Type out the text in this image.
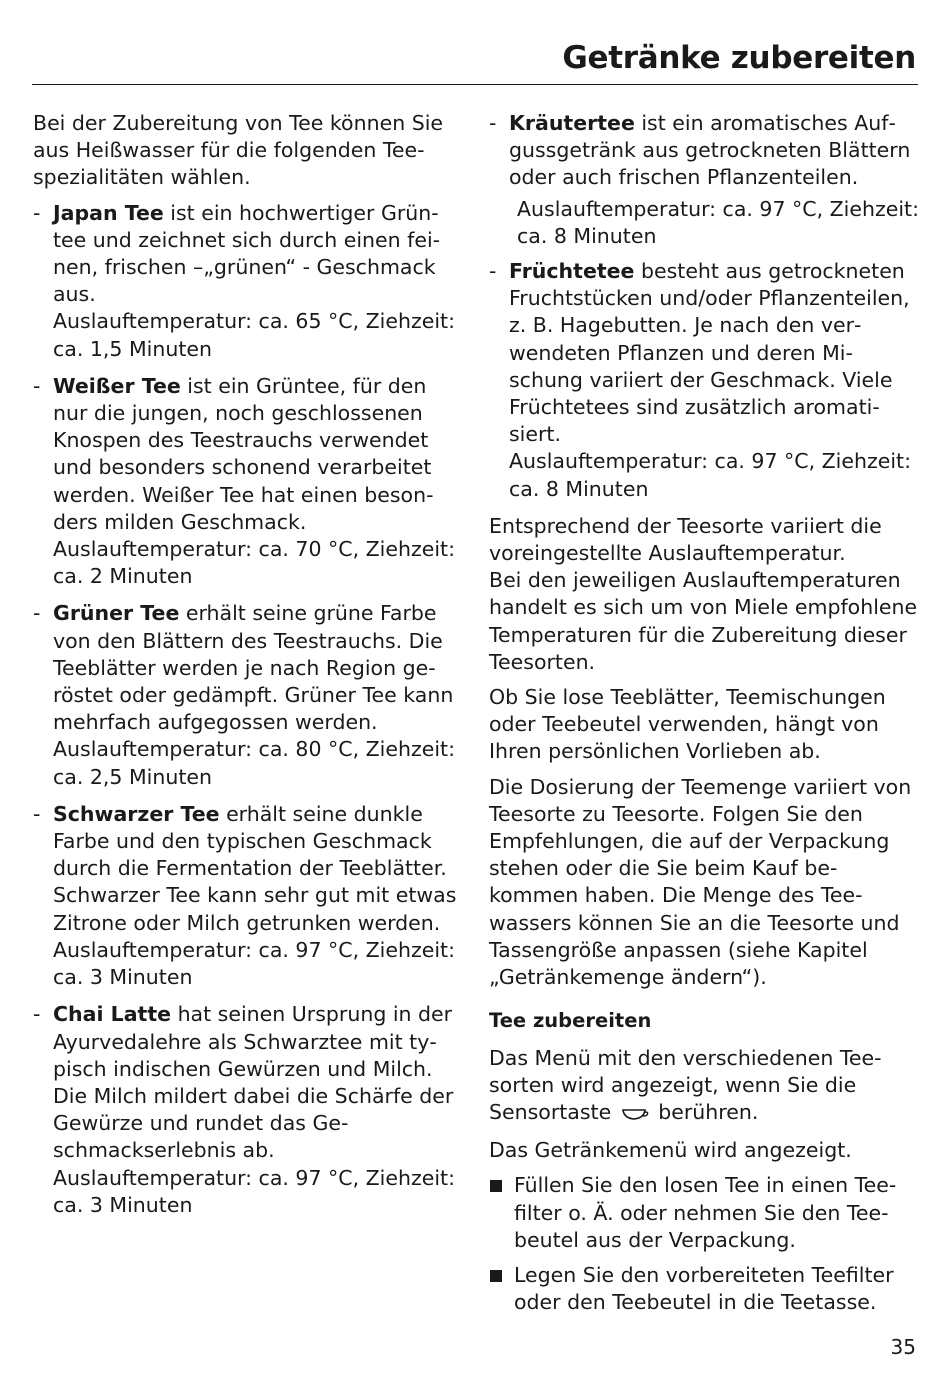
Getränke zubereiten

Bei der Zubereitung von Tee können Sie aus Heißwasser für die folgenden Teespezialitäten wählen.

- Japan Tee ist ein hochwertiger Grüntee und zeichnet sich durch einen feinen, frischen –„grünen“ - Geschmack aus.
Auslauftemperatur: ca. 65 °C, Ziehzeit: ca. 1,5 Minuten
- Weißer Tee ist ein Grüntee, für den nur die jungen, noch geschlossenen Knospen des Teestrauchs verwendet und besonders schonend verarbeitet werden. Weißer Tee hat einen besonders milden Geschmack.
Auslauftemperatur: ca. 70 °C, Ziehzeit: ca. 2 Minuten
- Grüner Tee erhält seine grüne Farbe von den Blättern des Teestrauchs. Die Teeblätter werden je nach Region geröstet oder gedämpft. Grüner Tee kann mehrfach aufgegossen werden.
Auslauftemperatur: ca. 80 °C, Ziehzeit: ca. 2,5 Minuten
- Schwarzer Tee erhält seine dunkle Farbe und den typischen Geschmack durch die Fermentation der Teeblätter. Schwarzer Tee kann sehr gut mit etwas Zitrone oder Milch getrunken werden.
Auslauftemperatur: ca. 97 °C, Ziehzeit: ca. 3 Minuten
- Chai Latte hat seinen Ursprung in der Ayurvedalehre als Schwarztee mit typisch indischen Gewürzen und Milch. Die Milch mildert dabei die Schärfe der Gewürze und rundet das Geschmackserlebnis ab.
Auslauftemperatur: ca. 97 °C, Ziehzeit: ca. 3 Minuten
- Kräutertee ist ein aromatisches Aufgussgetränk aus getrockneten Blättern oder auch frischen Pflanzenteilen.
Auslauftemperatur: ca. 97 °C, Ziehzeit: ca. 8 Minuten
- Früchtetee besteht aus getrockneten Fruchtstücken und/oder Pflanzenteilen, z. B. Hagebutten. Je nach den verwendeten Pflanzen und deren Mischung variiert der Geschmack. Viele Früchtetees sind zusätzlich aromatisiert.
Auslauftemperatur: ca. 97 °C, Ziehzeit: ca. 8 Minuten

Entsprechend der Teesorte variiert die voreingestellte Auslauftemperatur.
Bei den jeweiligen Auslauftemperaturen handelt es sich um von Miele empfohlene Temperaturen für die Zubereitung dieser Teesorten.

Ob Sie lose Teeblätter, Teemischungen oder Teebeutel verwenden, hängt von Ihren persönlichen Vorlieben ab.

Die Dosierung der Teemenge variiert von Teesorte zu Teesorte. Folgen Sie den Empfehlungen, die auf der Verpackung stehen oder die Sie beim Kauf bekommen haben. Die Menge des Teewassers können Sie an die Teesorte und Tassengröße anpassen (siehe Kapitel „Getränkemenge ändern“).

Tee zubereiten

Das Menü mit den verschiedenen Teesorten wird angezeigt, wenn Sie die Sensortaste  berühren.

Das Getränkemenü wird angezeigt.

Füllen Sie den losen Tee in einen Teefilter o. Ä. oder nehmen Sie den Teebeutel aus der Verpackung.
Legen Sie den vorbereiteten Teefilter oder den Teebeutel in die Teetasse.
35
